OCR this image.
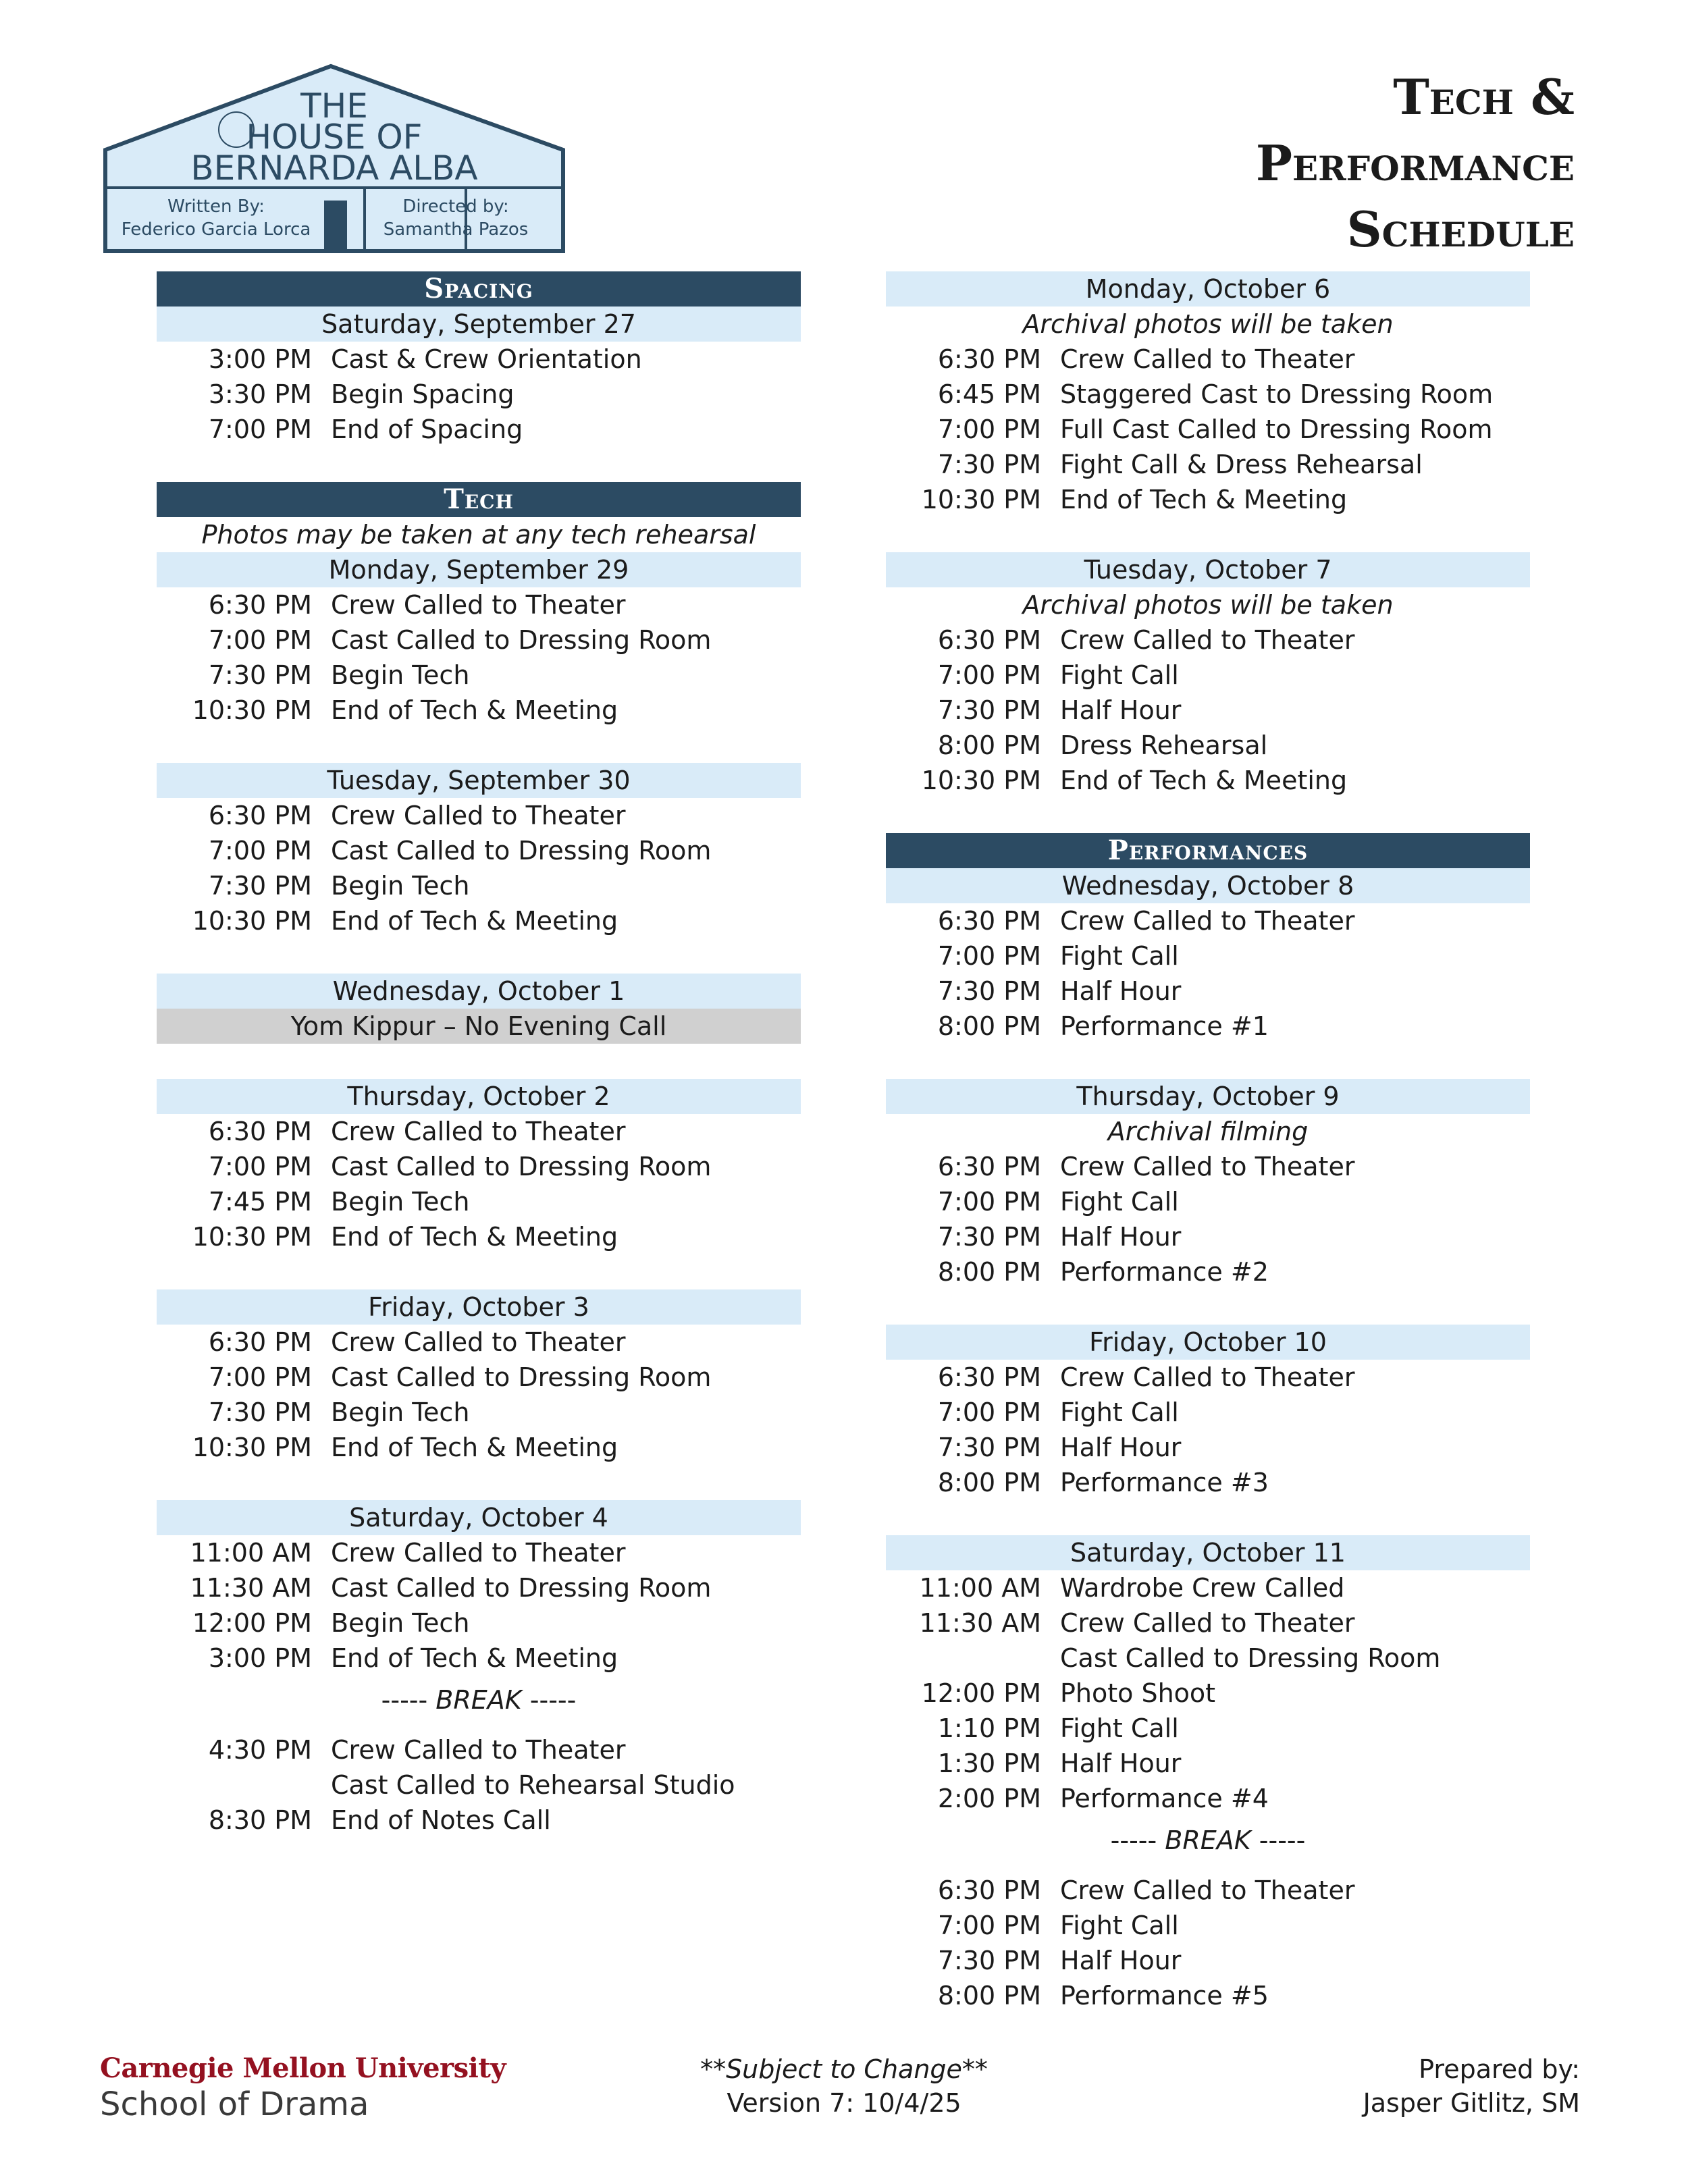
THE
HOUSE OF
BERNARDA ALBA
Written By:
Federico Garcia Lorca
Directed by:
Samantha Pazos
Tech &
Performance
Schedule
Spacing
Saturday, September 27
3:00 PM Cast & Crew Orientation
3:30 PM Begin Spacing
7:00 PM End of Spacing
Tech
Photos may be taken at any tech rehearsal
Monday, September 29
6:30 PM Crew Called to Theater
7:00 PM Cast Called to Dressing Room
7:30 PM Begin Tech
10:30 PM End of Tech & Meeting
Tuesday, September 30
6:30 PM Crew Called to Theater
7:00 PM Cast Called to Dressing Room
7:30 PM Begin Tech
10:30 PM End of Tech & Meeting
Wednesday, October 1
Yom Kippur – No Evening Call
Thursday, October 2
6:30 PM Crew Called to Theater
7:00 PM Cast Called to Dressing Room
7:45 PM Begin Tech
10:30 PM End of Tech & Meeting
Friday, October 3
6:30 PM Crew Called to Theater
7:00 PM Cast Called to Dressing Room
7:30 PM Begin Tech
10:30 PM End of Tech & Meeting
Saturday, October 4
11:00 AM Crew Called to Theater
11:30 AM Cast Called to Dressing Room
12:00 PM Begin Tech
3:00 PM End of Tech & Meeting
----- BREAK -----
4:30 PM Crew Called to Theater
Cast Called to Rehearsal Studio
8:30 PM End of Notes Call
Monday, October 6
Archival photos will be taken
6:30 PM Crew Called to Theater
6:45 PM Staggered Cast to Dressing Room
7:00 PM Full Cast Called to Dressing Room
7:30 PM Fight Call & Dress Rehearsal
10:30 PM End of Tech & Meeting
Tuesday, October 7
Archival photos will be taken
6:30 PM Crew Called to Theater
7:00 PM Fight Call
7:30 PM Half Hour
8:00 PM Dress Rehearsal
10:30 PM End of Tech & Meeting
Performances
Wednesday, October 8
6:30 PM Crew Called to Theater
7:00 PM Fight Call
7:30 PM Half Hour
8:00 PM Performance #1
Thursday, October 9
Archival filming
6:30 PM Crew Called to Theater
7:00 PM Fight Call
7:30 PM Half Hour
8:00 PM Performance #2
Friday, October 10
6:30 PM Crew Called to Theater
7:00 PM Fight Call
7:30 PM Half Hour
8:00 PM Performance #3
Saturday, October 11
11:00 AM Wardrobe Crew Called
11:30 AM Crew Called to Theater
Cast Called to Dressing Room
12:00 PM Photo Shoot
1:10 PM Fight Call
1:30 PM Half Hour
2:00 PM Performance #4
----- BREAK -----
6:30 PM Crew Called to Theater
7:00 PM Fight Call
7:30 PM Half Hour
8:00 PM Performance #5
Carnegie Mellon University
School of Drama
**Subject to Change**
Version 7: 10/4/25
Prepared by:
Jasper Gitlitz, SM
